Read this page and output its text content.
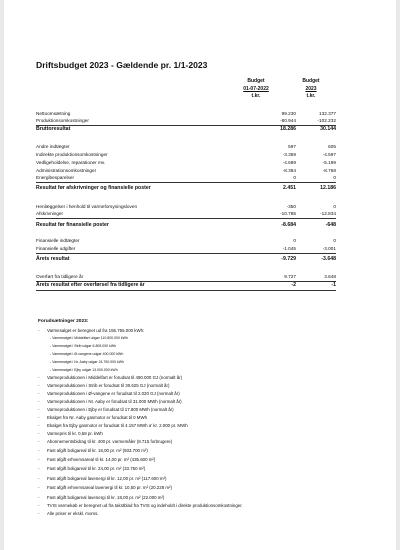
Driftsbudget 2023 - Gældende pr. 1/1-2023
Budget
01-07-2022
t.kr.
Budget
2023
t.kr.
Nettoomsætning	99.230	132.377
Produktionsomkostninger	-80.944	-102.232
Bruttoresultat	18.286	30.144
Andre indtægter	597	605
Indirekte produktionsomkostninger	-3.359	-4.597
Vedligeholdelse, reparationer mv.	-4.689	-5.199
Administrationsomkostninger	-8.384	-8.768
Energibesparelser	0	0
Resultat før afskrivninger og finansielle poster	2.451	12.186
Henlæggelser i henhold til varmeforsyningsloven	-350	0
Afskrivninger	-10.785	-12.834
Resultat før finansielle poster	-8.684	-648
Finansielle indtægter	0	0
Finansielle udgifter	-1.045	-3.001
Årets resultat	-9.729	-3.648
Overført fra tidligere år	9.727	3.648
Årets resultat efter overførsel fra tidligere år	-2	-1
Forudsætninger 2023:
- Varmesalget er beregnet ud fra 155.755.000 kWh:
- Varmesalget i Middelfart udgør 110.800.000 kWh
- Varmesalget i Strib udgør 6.805.000 kWh
- Varmesalget i Ø-vangene udgør 400.000 kWh
- Varmesalget i Nr. Aaby udgør 24.750.000 kWh
- Varmesalget i Ejby udgør 13.000.000 kWh
- Varmeproduktionen i Middelfart er forudsat til 490.000 GJ (normalt år)
- Varmeproduktionen i Strib er forudsat til 30.625 GJ (normalt år)
- Varmeproduktionen i Ø-vangene er forudsat til 2.020 GJ (normalt år)
- Varmeproduktionen i Nr. Aaby er forudsat til 31.000 MWh (normalt år)
- Varmeproduktionen i Ejby er forudsat til 17.800 MWh (normalt år)
- Ekalget fra Nr. Aaby gasmotor er forudsat til 0 MWh
- Ekalget fra Ejby gasmotor er forudsat til 4.157 MWh a' kr. 2.000 pr. MWh
- Varmepris til kr. 0,58 pr. kWh
- Abonnementsbidrag til kr. 400 pr. varmemåler (8.715 forbrugere)
- Fast afgift boligareal til kr. 16,00 pr. m² (933.700 m²)
- Fast afgift erhvervsareal til kr. 14,00 pr. m² (435.600 m²)
- Fast afgift boligareal til kr. 24,00 pr. m² (33.750 m²)
- Fast afgift boligareal lavenergi til kr. 12,00 pr. m² (117.600 m²)
- Fast afgift erhvervsareal lavenergi til kr. 10,50 pr. m² (20.228 m²)
- Fast afgift boligareal lavenergi til kr. 18,00 pr. m² (22.000 m²)
- TVIS varmekøb er beregnet ud fra takstblad fra TVIS og indeholdt i direkte produktionsomkostninger.
- Alle priser er ekskl. moms.
